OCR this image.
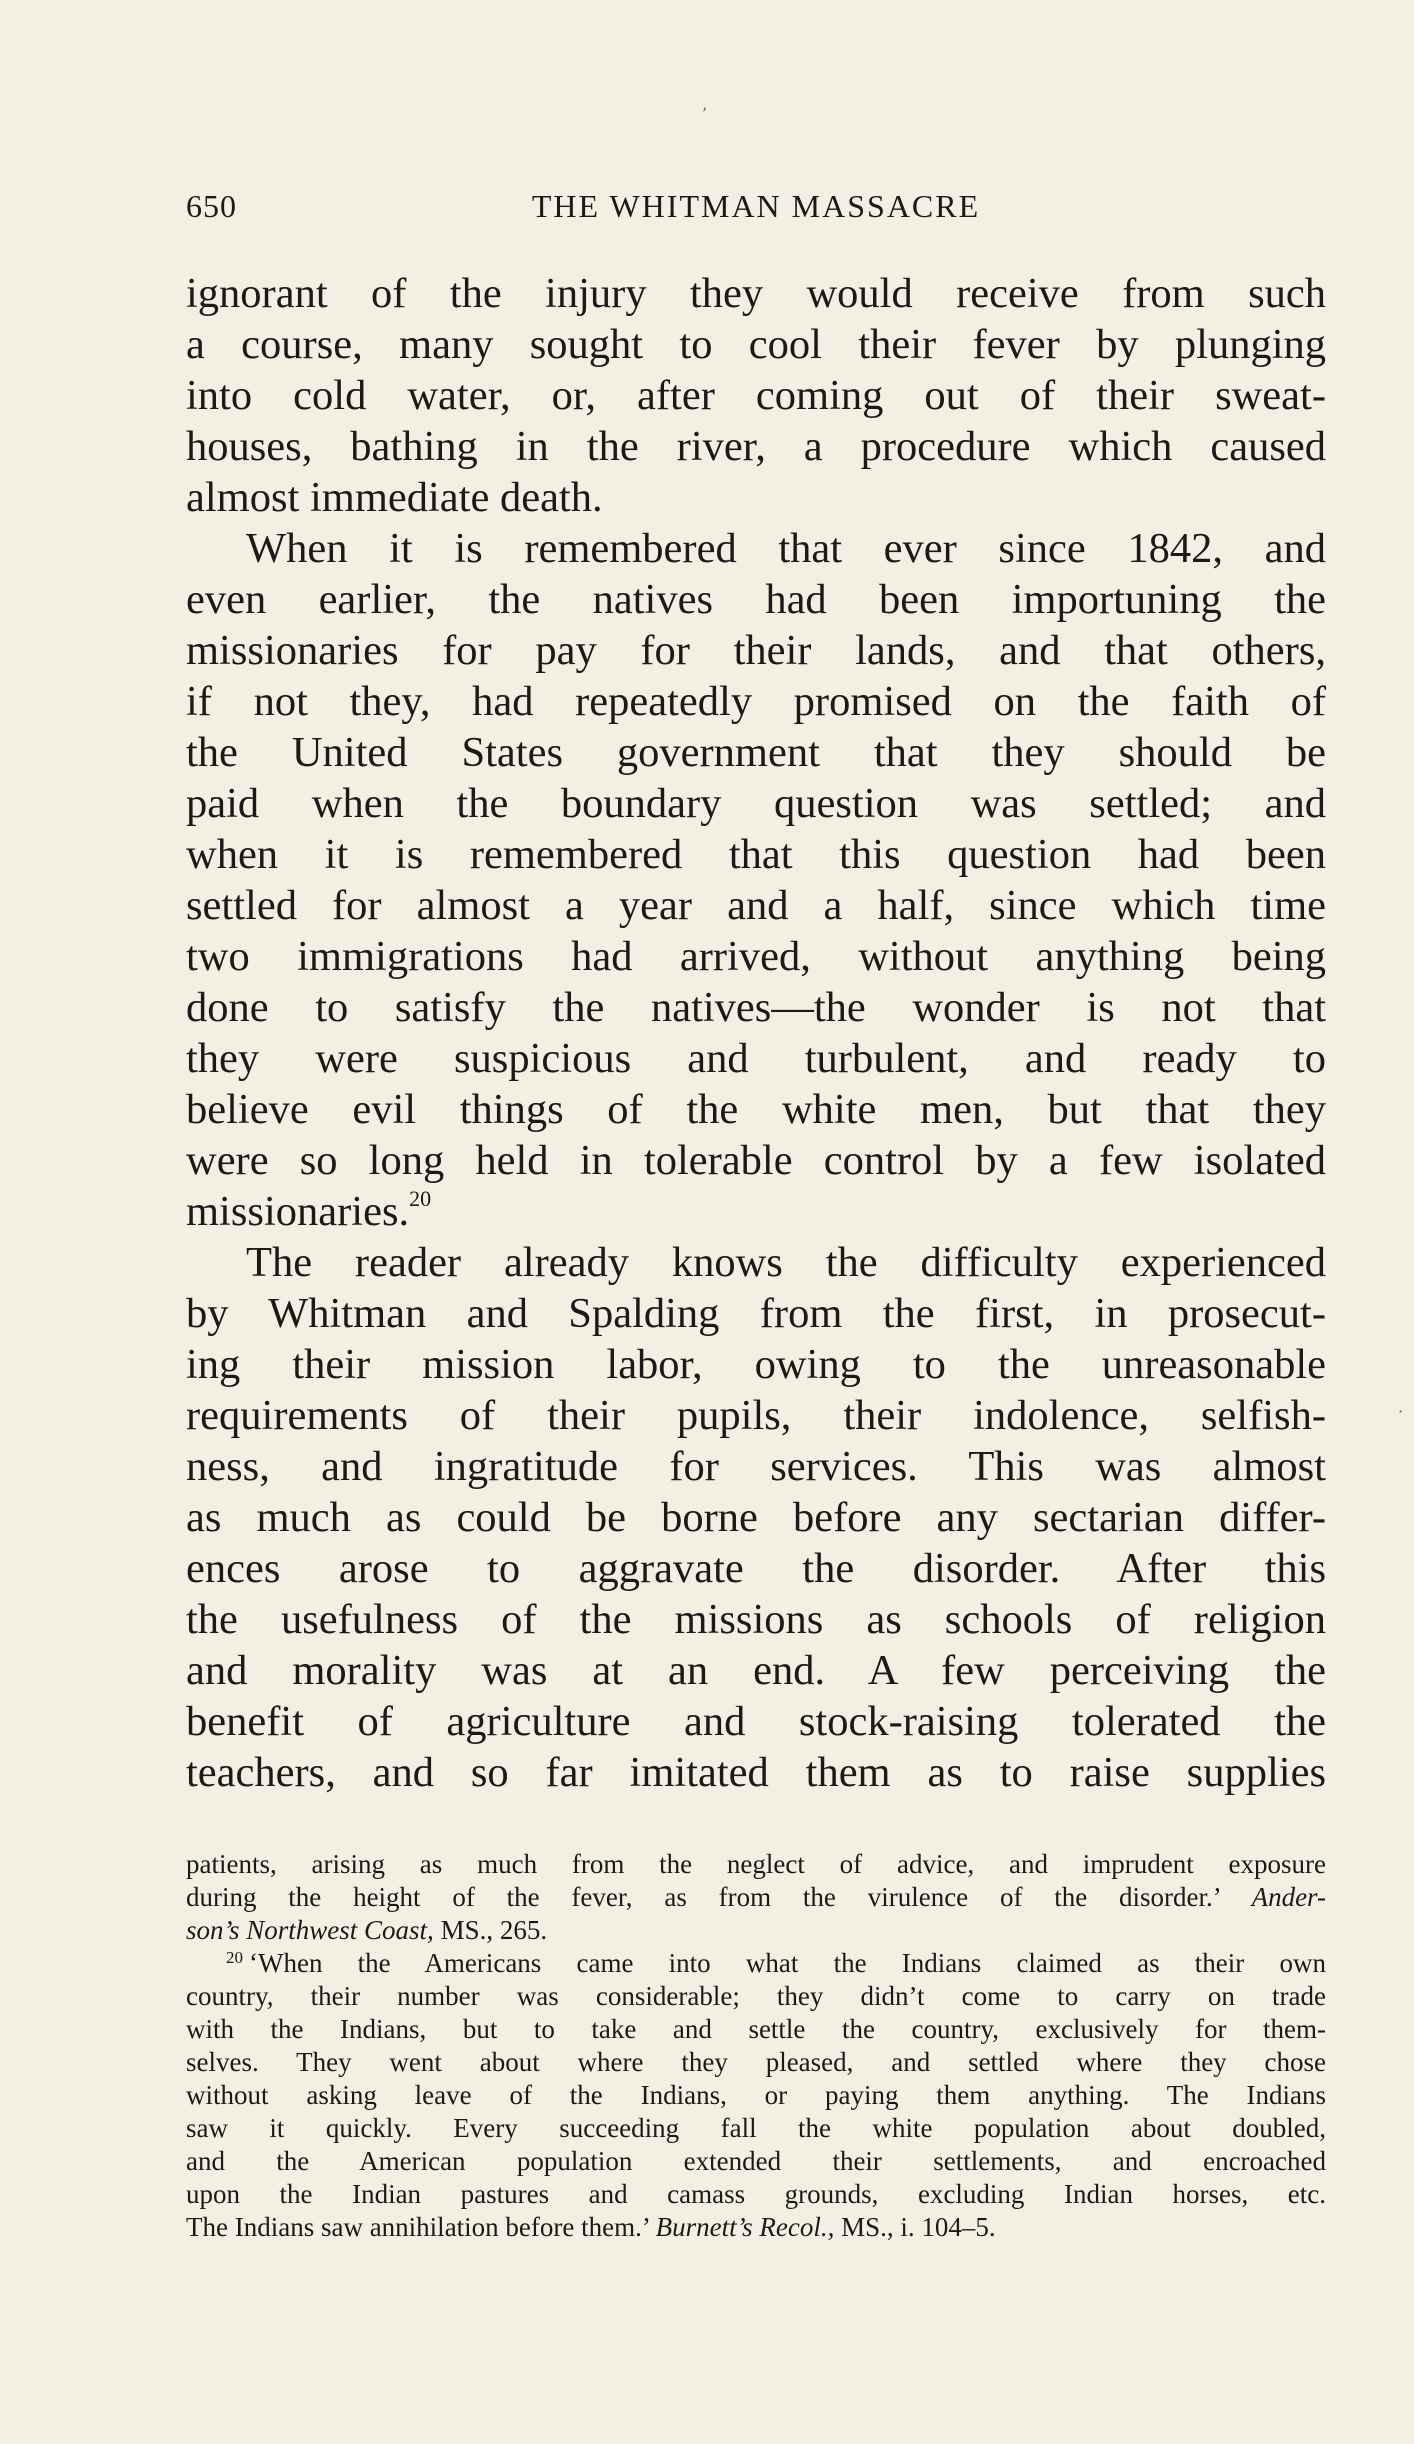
’
650	THE WHITMAN MASSACRE
ignorant of the injury they would receive from such
a course, many sought to cool their fever by plunging
into cold water, or, after coming out of their sweat-
houses, bathing in the river, a procedure which caused
almost immediate death.
When it is remembered that ever since 1842, and
even earlier, the natives had been importuning the
missionaries for pay for their lands, and that others,
if not they, had repeatedly promised on the faith of
the United States government that they should be
paid when the boundary question was settled; and
when it is remembered that this question had been
settled for almost a year and a half, since which time
two immigrations had arrived, without anything being
done to satisfy the natives—the wonder is not that
they were suspicious and turbulent, and ready to
believe evil things of the white men, but that they
were so long held in tolerable control by a few isolated
missionaries.$^{20}$
The reader already knows the difficulty experienced
by Whitman and Spalding from the first, in prosecut-
ing their mission labor, owing to the unreasonable
requirements of their pupils, their indolence, selfish-
ness, and ingratitude for services. This was almost
as much as could be borne before any sectarian differ-
ences arose to aggravate the disorder. After this
the usefulness of the missions as schools of religion
and morality was at an end. A few perceiving the
benefit of agriculture and stock-raising tolerated the
teachers, and so far imitated them as to raise supplies
·
patients, arising as much from the neglect of advice, and imprudent exposure
during the height of the fever, as from the virulence of the disorder.’ Ander-
son’s Northwest Coast, MS., 265.
$^{20}$ ‘When the Americans came into what the Indians claimed as their own
country, their number was considerable; they didn’t come to carry on trade
with the Indians, but to take and settle the country, exclusively for them-
selves. They went about where they pleased, and settled where they chose
without asking leave of the Indians, or paying them anything. The Indians
saw it quickly. Every succeeding fall the white population about doubled,
and the American population extended their settlements, and encroached
upon the Indian pastures and camass grounds, excluding Indian horses, etc.
The Indians saw annihilation before them.’ Burnett’s Recol., MS., i. 104–5.
